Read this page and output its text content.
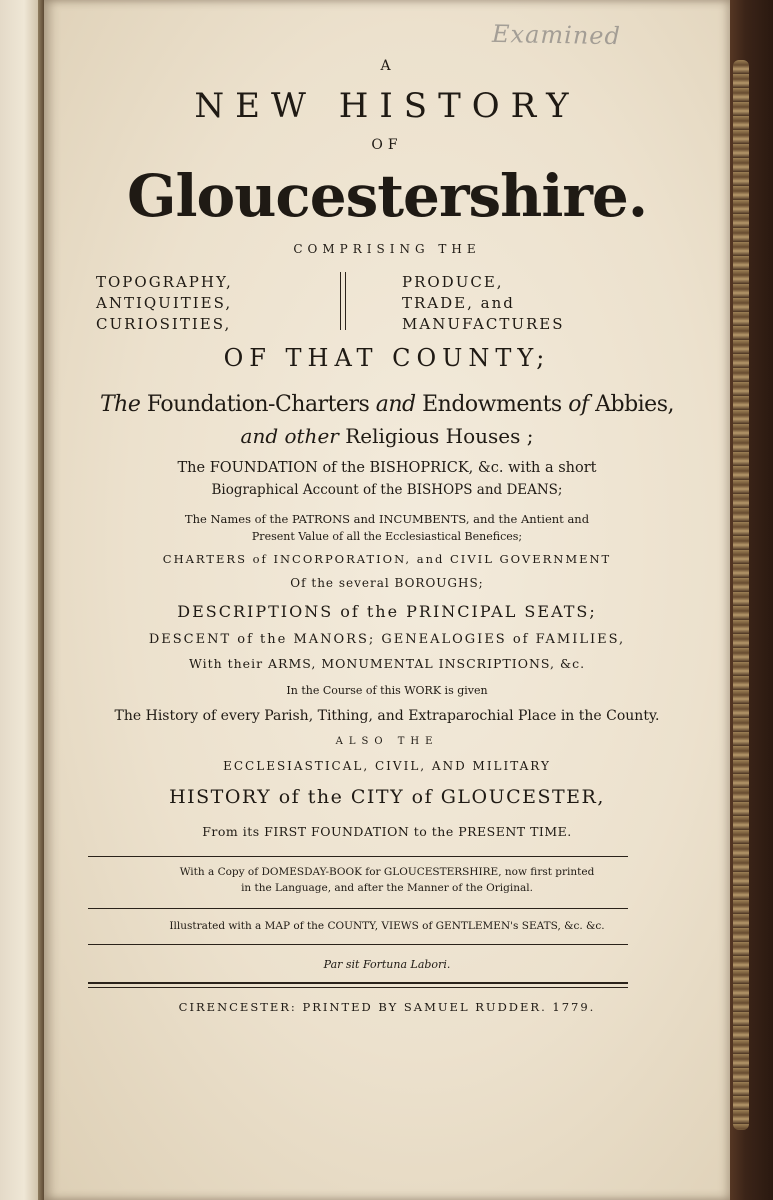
Examined
A
NEW HISTORY
OF
Gloucestershire.
COMPRISING THE
TOPOGRAPHY,
ANTIQUITIES,
CURIOSITIES,
PRODUCE,
TRADE, and
MANUFACTURES
OF THAT COUNTY;
The Foundation-Charters and Endowments of Abbies,
and other Religious Houses ;
The FOUNDATION of the BISHOPRICK, &c. with a short
Biographical Account of the BISHOPS and DEANS;
The Names of the PATRONS and INCUMBENTS, and the Antient and
Present Value of all the Ecclesiastical Benefices;
CHARTERS of INCORPORATION, and CIVIL GOVERNMENT
Of the several BOROUGHS;
DESCRIPTIONS of the PRINCIPAL SEATS;
DESCENT of the MANORS; GENEALOGIES of FAMILIES,
With their ARMS, MONUMENTAL INSCRIPTIONS, &c.
In the Course of this WORK is given
The History of every Parish, Tithing, and Extraparochial Place in the County.
ALSO THE
ECCLESIASTICAL, CIVIL, AND MILITARY
HISTORY of the CITY of GLOUCESTER,
From its FIRST FOUNDATION to the PRESENT TIME.
With a Copy of DOMESDAY-BOOK for GLOUCESTERSHIRE, now first printed
in the Language, and after the Manner of the Original.
Illustrated with a MAP of the COUNTY, VIEWS of GENTLEMEN's SEATS, &c. &c.
Par sit Fortuna Labori.
CIRENCESTER: PRINTED BY SAMUEL RUDDER. 1779.
